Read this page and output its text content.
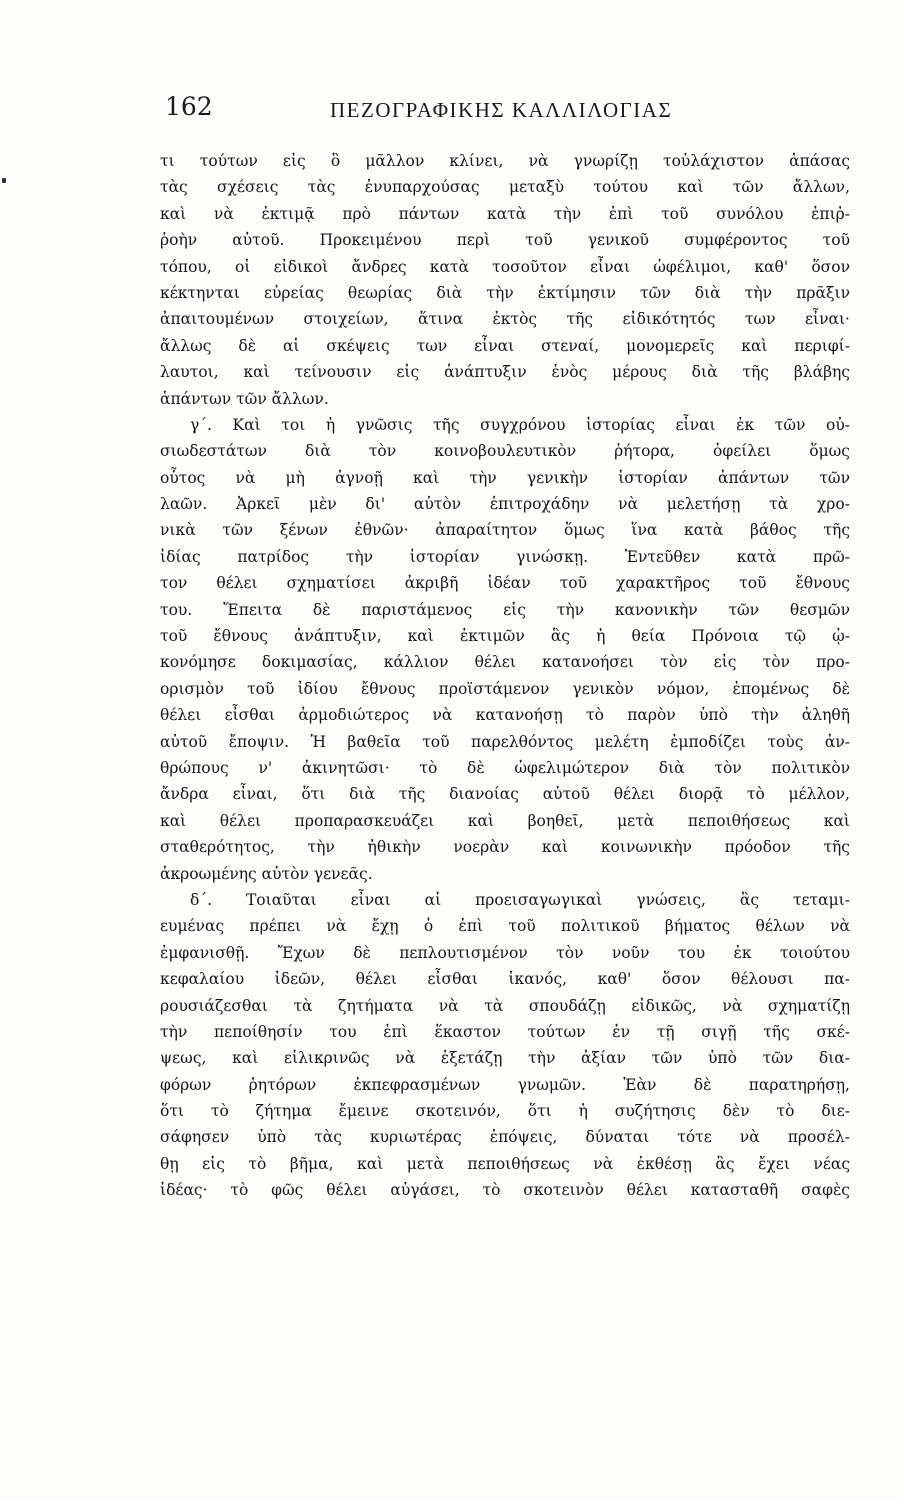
162	ΠΕΖΟΓΡΑΦΙΚΗΣ ΚΑΛΛΙΛΟΓΙΑΣ
τι τούτων εἰς ὃ μᾶλλον κλίνει, νὰ γνωρίζῃ τοὐλάχιστον ἁπάσας
τὰς σχέσεις τὰς ἐνυπαρχούσας μεταξὺ τούτου καὶ τῶν ἄλλων,
καὶ νὰ ἐκτιμᾷ πρὸ πάντων κατὰ τὴν ἐπὶ τοῦ συνόλου ἐπιῤ-
ῥοὴν αὐτοῦ. Προκειμένου περὶ τοῦ γενικοῦ συμφέροντος τοῦ
τόπου, οἱ εἰδικοὶ ἄνδρες κατὰ τοσοῦτον εἶναι ὠφέλιμοι, καθ' ὅσον
κέκτηνται εὐρείας θεωρίας διὰ τὴν ἐκτίμησιν τῶν διὰ τὴν πρᾶξιν
ἀπαιτουμένων στοιχείων, ἅτινα ἐκτὸς τῆς εἰδικότητός των εἶναι·
ἄλλως δὲ αἱ σκέψεις των εἶναι στεναί, μονομερεῖς καὶ περιφί-
λαυτοι, καὶ τείνουσιν εἰς ἀνάπτυξιν ἑνὸς μέρους διὰ τῆς βλάβης
ἁπάντων τῶν ἄλλων.
γ΄. Καὶ τοι ἡ γνῶσις τῆς συγχρόνου ἱστορίας εἶναι ἐκ τῶν οὐ-
σιωδεστάτων διὰ τὸν κοινοβουλευτικὸν ῥήτορα, ὀφείλει ὅμως
οὗτος νὰ μὴ ἀγνοῇ καὶ τὴν γενικὴν ἱστορίαν ἁπάντων τῶν
λαῶν. Ἀρκεῖ μὲν δι' αὐτὸν ἐπιτροχάδην νὰ μελετήσῃ τὰ χρο-
νικὰ τῶν ξένων ἐθνῶν· ἀπαραίτητον ὅμως ἵνα κατὰ βάθος τῆς
ἰδίας πατρίδος τὴν ἱστορίαν γινώσκῃ. Ἐντεῦθεν κατὰ πρῶ-
τον θέλει σχηματίσει ἀκριβῆ ἰδέαν τοῦ χαρακτῆρος τοῦ ἔθνους
του. Ἔπειτα δὲ παριστάμενος εἰς τὴν κανονικὴν τῶν θεσμῶν
τοῦ ἔθνους ἀνάπτυξιν, καὶ ἐκτιμῶν ἃς ἡ θεία Πρόνοια τῷ ᾠ-
κονόμησε δοκιμασίας, κάλλιον θέλει κατανοήσει τὸν εἰς τὸν προ-
ορισμὸν τοῦ ἰδίου ἔθνους προϊστάμενον γενικὸν νόμον, ἑπομένως δὲ
θέλει εἶσθαι ἁρμοδιώτερος νὰ κατανοήσῃ τὸ παρὸν ὑπὸ τὴν ἀληθῆ
αὐτοῦ ἔποψιν. Ἡ βαθεῖα τοῦ παρελθόντος μελέτη ἐμποδίζει τοὺς ἀν-
θρώπους ν' ἀκινητῶσι· τὸ δὲ ὠφελιμώτερον διὰ τὸν πολιτικὸν
ἄνδρα εἶναι, ὅτι διὰ τῆς διανοίας αὐτοῦ θέλει διορᾷ τὸ μέλλον,
καὶ θέλει προπαρασκευάζει καὶ βοηθεῖ, μετὰ πεποιθήσεως καὶ
σταθερότητος, τὴν ἠθικὴν νοερὰν καὶ κοινωνικὴν πρόοδον τῆς
ἀκροωμένης αὐτὸν γενεᾶς.
δ΄. Τοιαῦται εἶναι αἱ προεισαγωγικαὶ γνώσεις, ἃς τεταμι-
ευμένας πρέπει νὰ ἔχῃ ὁ ἐπὶ τοῦ πολιτικοῦ βήματος θέλων νὰ
ἐμφανισθῇ. Ἔχων δὲ πεπλουτισμένον τὸν νοῦν του ἐκ τοιούτου
κεφαλαίου ἰδεῶν, θέλει εἶσθαι ἱκανός, καθ' ὅσον θέλουσι πα-
ρουσιάζεσθαι τὰ ζητήματα νὰ τὰ σπουδάζῃ εἰδικῶς, νὰ σχηματίζῃ
τὴν πεποίθησίν του ἐπὶ ἕκαστον τούτων ἐν τῇ σιγῇ τῆς σκέ-
ψεως, καὶ εἰλικρινῶς νὰ ἐξετάζῃ τὴν ἀξίαν τῶν ὑπὸ τῶν δια-
φόρων ῥητόρων ἐκπεφρασμένων γνωμῶν. Ἐὰν δὲ παρατηρήσῃ,
ὅτι τὸ ζήτημα ἔμεινε σκοτεινόν, ὅτι ἡ συζήτησις δὲν τὸ διε-
σάφησεν ὑπὸ τὰς κυριωτέρας ἐπόψεις, δύναται τότε νὰ προσέλ-
θῃ εἰς τὸ βῆμα, καὶ μετὰ πεποιθήσεως νὰ ἐκθέσῃ ἃς ἔχει νέας
ἰδέας· τὸ φῶς θέλει αὐγάσει, τὸ σκοτεινὸν θέλει κατασταθῆ σαφὲς
